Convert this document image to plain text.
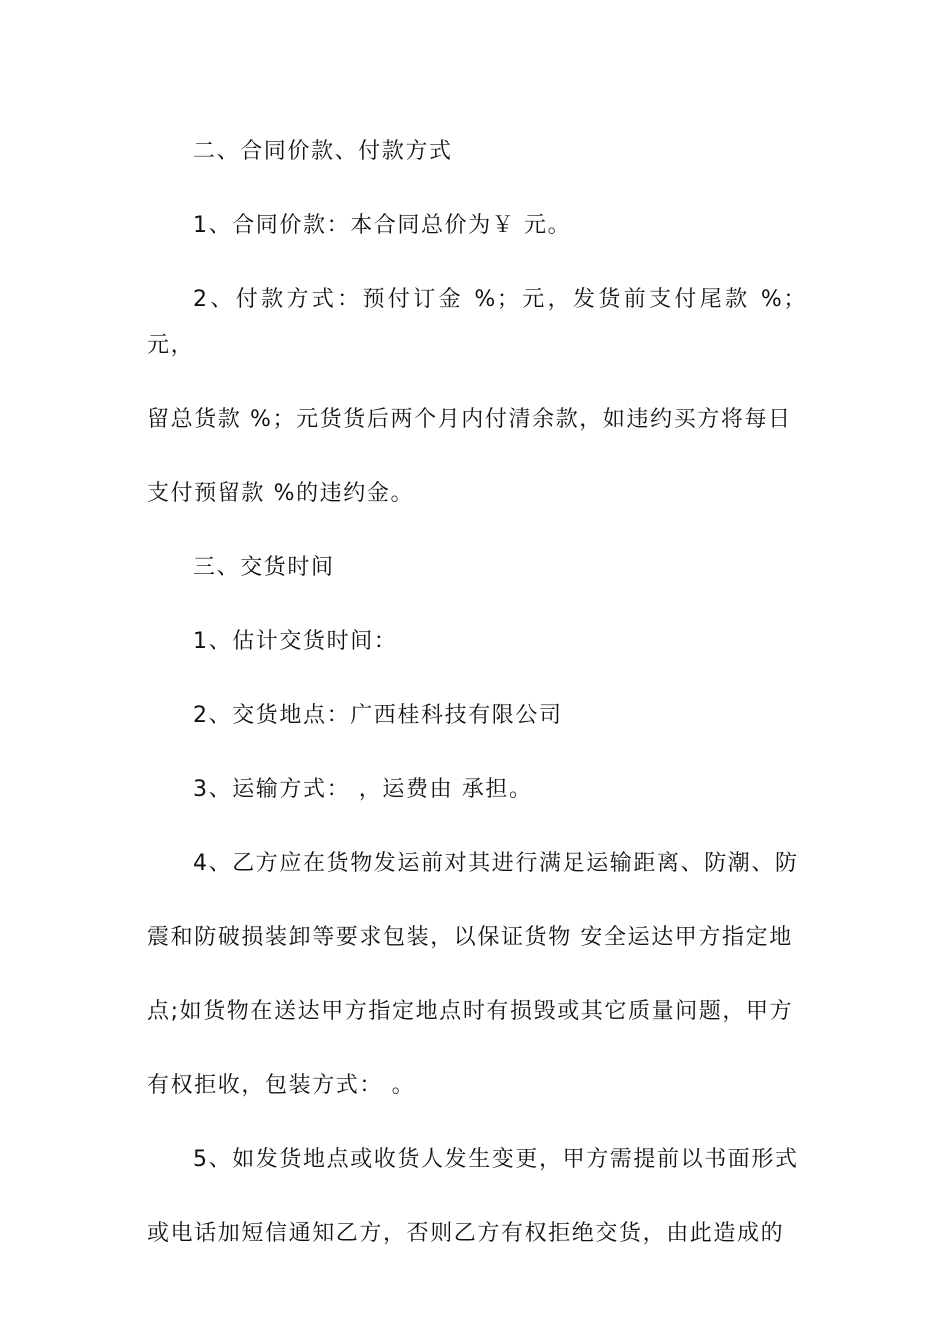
二、合同价款、付款方式

1、合同价款：本合同总价为￥ 元。

2、付款方式：预付订金 %；元，发货前支付尾款 %；元，

留总货款 %；元货货后两个月内付清余款，如违约买方将每日

支付预留款 %的违约金。

三、交货时间

1、估计交货时间：

2、交货地点：广西桂科技有限公司

3、运输方式： ，运费由 承担。

4、乙方应在货物发运前对其进行满足运输距离、防潮、防

震和防破损装卸等要求包装，以保证货物 安全运达甲方指定地

点;如货物在送达甲方指定地点时有损毁或其它质量问题，甲方

有权拒收，包装方式： 。

5、如发货地点或收货人发生变更，甲方需提前以书面形式

或电话加短信通知乙方，否则乙方有权拒绝交货，由此造成的
